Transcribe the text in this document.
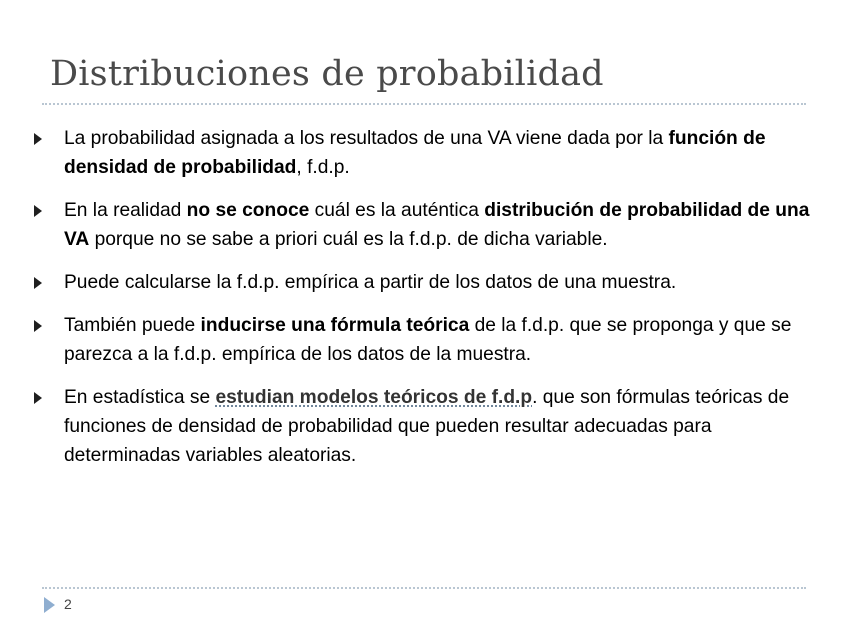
Distribuciones de probabilidad
La probabilidad asignada a los resultados de una VA viene dada por la función de densidad de probabilidad, f.d.p.
En la realidad no se conoce cuál es la auténtica distribución de probabilidad de una VA porque no se sabe a priori cuál es la f.d.p. de dicha variable.
Puede calcularse la f.d.p. empírica a partir de los datos de una muestra.
También puede inducirse una fórmula teórica de la f.d.p. que se proponga y que se parezca a la f.d.p. empírica de los datos de la muestra.
En estadística se estudian modelos teóricos de f.d.p. que son fórmulas teóricas de funciones de densidad de probabilidad que pueden resultar adecuadas para determinadas variables aleatorias.
2
